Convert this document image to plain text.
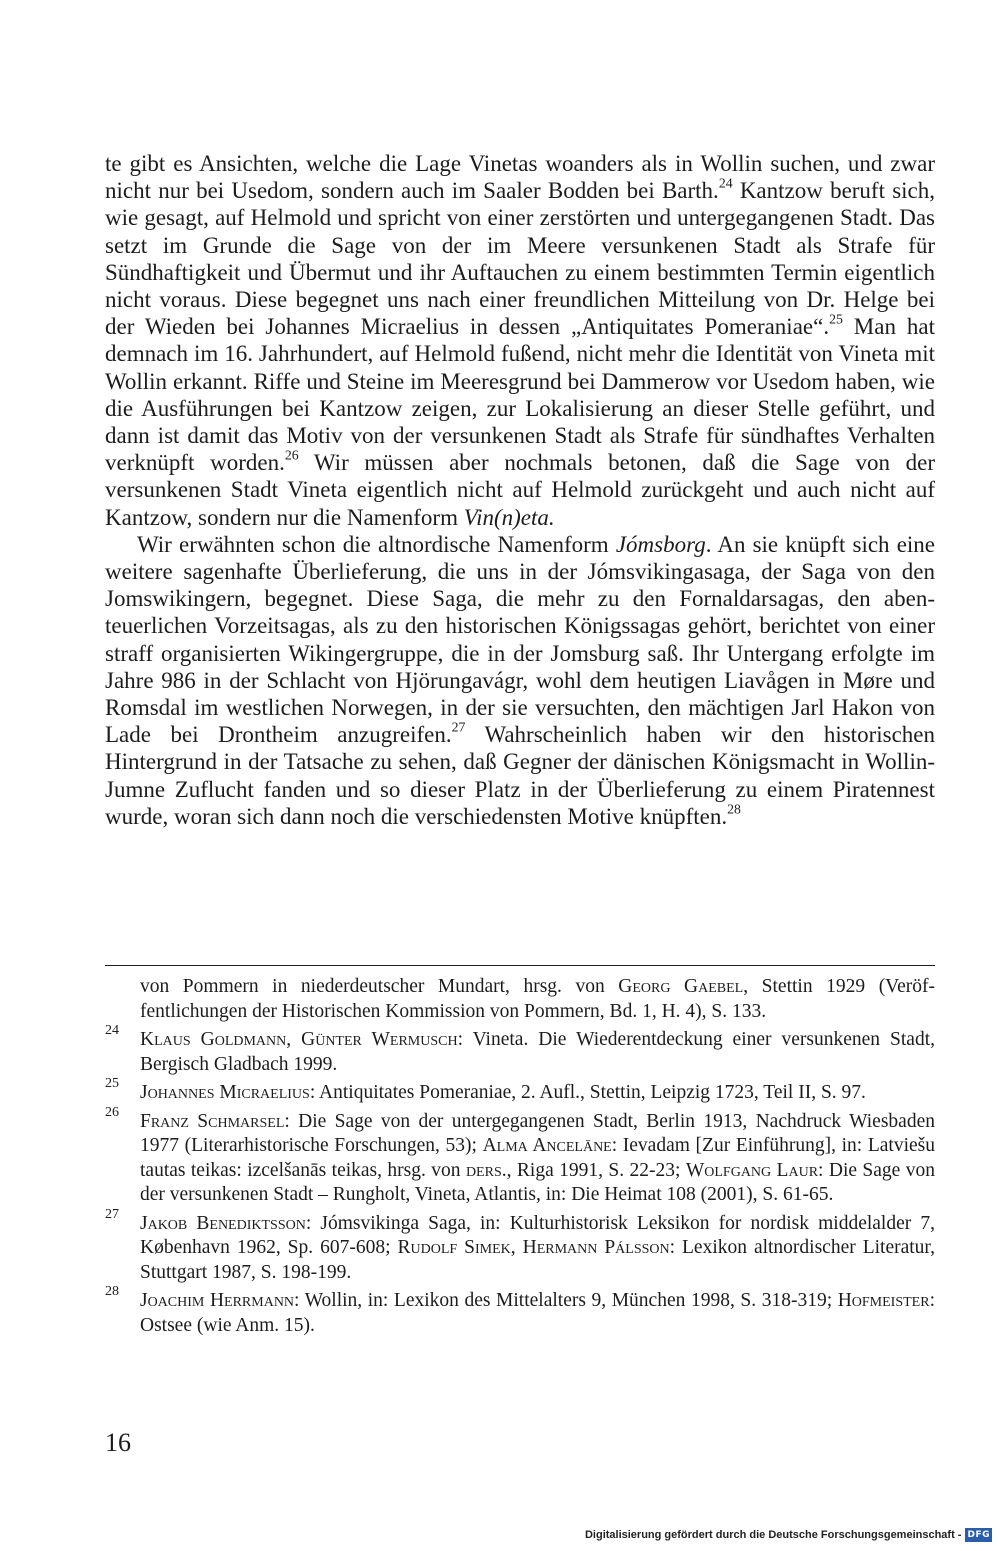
te gibt es Ansichten, welche die Lage Vinetas woanders als in Wollin suchen, und zwar nicht nur bei Usedom, sondern auch im Saaler Bodden bei Barth.$^{24}$ Kantzow beruft sich, wie gesagt, auf Helmold und spricht von einer zerstörten und untergegangenen Stadt. Das setzt im Grunde die Sage von der im Meere versunkenen Stadt als Strafe für Sündhaftigkeit und Übermut und ihr Auftauchen zu einem bestimmten Termin eigentlich nicht voraus. Diese begegnet uns nach einer freundlichen Mitteilung von Dr. Helge bei der Wieden bei Johannes Micraelius in dessen „Antiquitates Pomeraniae“.$^{25}$ Man hat demnach im 16. Jahrhundert, auf Helmold fußend, nicht mehr die Identität von Vineta mit Wollin erkannt. Riffe und Steine im Meeresgrund bei Dammerow vor Usedom haben, wie die Ausführungen bei Kantzow zeigen, zur Lokalisierung an dieser Stelle geführt, und dann ist damit das Motiv von der versunkenen Stadt als Strafe für sündhaftes Verhalten verknüpft worden.$^{26}$ Wir müssen aber nochmals betonen, daß die Sage von der versunkenen Stadt Vineta eigentlich nicht auf Helmold zurückgeht und auch nicht auf Kantzow, sondern nur die Namenform Vin(n)eta.

Wir erwähnten schon die altnordische Namenform Jómsborg. An sie knüpft sich eine weitere sagenhafte Überlieferung, die uns in der Jómsvikingasaga, der Saga von den Jomswikingern, begegnet. Diese Saga, die mehr zu den Fornaldarsagas, den abenteuerlichen Vorzeitsagas, als zu den historischen Königssagas gehört, berichtet von einer straff organisierten Wikingergruppe, die in der Jomsburg saß. Ihr Untergang erfolgte im Jahre 986 in der Schlacht von Hjörungavágr, wohl dem heutigen Liavågen in Møre und Romsdal im westlichen Norwegen, in der sie versuchten, den mächtigen Jarl Hakon von Lade bei Drontheim anzugreifen.$^{27}$ Wahrscheinlich haben wir den historischen Hintergrund in der Tatsache zu sehen, daß Gegner der dänischen Königsmacht in Wollin-Jumne Zuflucht fanden und so dieser Platz in der Überlieferung zu einem Piratennest wurde, woran sich dann noch die verschiedensten Motive knüpften.$^{28}$

von Pommern in niederdeutscher Mundart, hrsg. von Georg Gaebel, Stettin 1929 (Veröffentlichungen der Historischen Kommission von Pommern, Bd. 1, H. 4), S. 133.
24 Klaus Goldmann, Günter Wermusch: Vineta. Die Wiederentdeckung einer versunkenen Stadt, Bergisch Gladbach 1999.
25 Johannes Micraelius: Antiquitates Pomeraniae, 2. Aufl., Stettin, Leipzig 1723, Teil II, S. 97.
26 Franz Schmarsel: Die Sage von der untergegangenen Stadt, Berlin 1913, Nachdruck Wiesbaden 1977 (Literarhistorische Forschungen, 53); Alma Ancelāne: Ievadam [Zur Einführung], in: Latviešu tautas teikas: izcelšanās teikas, hrsg. von ders., Riga 1991, S. 22-23; Wolfgang Laur: Die Sage von der versunkenen Stadt – Rungholt, Vineta, Atlantis, in: Die Heimat 108 (2001), S. 61-65.
27 Jakob Benediktsson: Jómsvikinga Saga, in: Kulturhistorisk Leksikon for nordisk middelalder 7, København 1962, Sp. 607-608; Rudolf Simek, Hermann Pálsson: Lexikon altnordischer Literatur, Stuttgart 1987, S. 198-199.
28 Joachim Herrmann: Wollin, in: Lexikon des Mittelalters 9, München 1998, S. 318-319; Hofmeister: Ostsee (wie Anm. 15).
16
Digitalisierung gefördert durch die Deutsche Forschungsgemeinschaft - DFG
